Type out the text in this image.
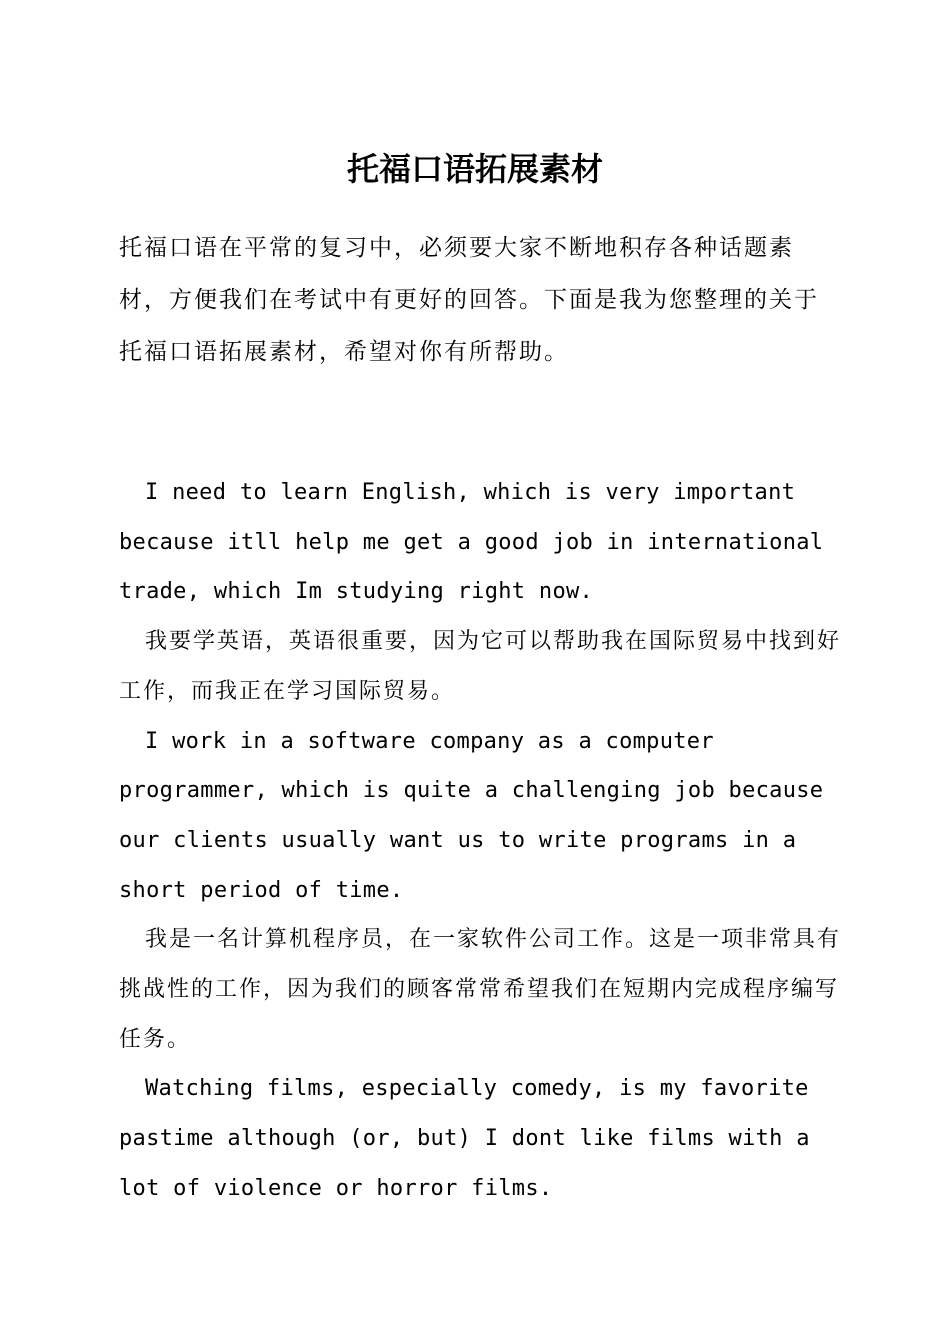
托福口语拓展素材

托福口语在平常的复习中，必须要大家不断地积存各种话题素材，方便我们在考试中有更好的回答。下面是我为您整理的关于托福口语拓展素材，希望对你有所帮助。

I need to learn English, which is very important because itll help me get a good job in international trade, which Im studying right now.

我要学英语，英语很重要，因为它可以帮助我在国际贸易中找到好工作，而我正在学习国际贸易。

I work in a software company as a computer programmer, which is quite a challenging job because our clients usually want us to write programs in a short period of time.

我是一名计算机程序员，在一家软件公司工作。这是一项非常具有挑战性的工作，因为我们的顾客常常希望我们在短期内完成程序编写任务。

Watching films, especially comedy, is my favorite pastime although (or, but) I dont like films with a lot of violence or horror films.
